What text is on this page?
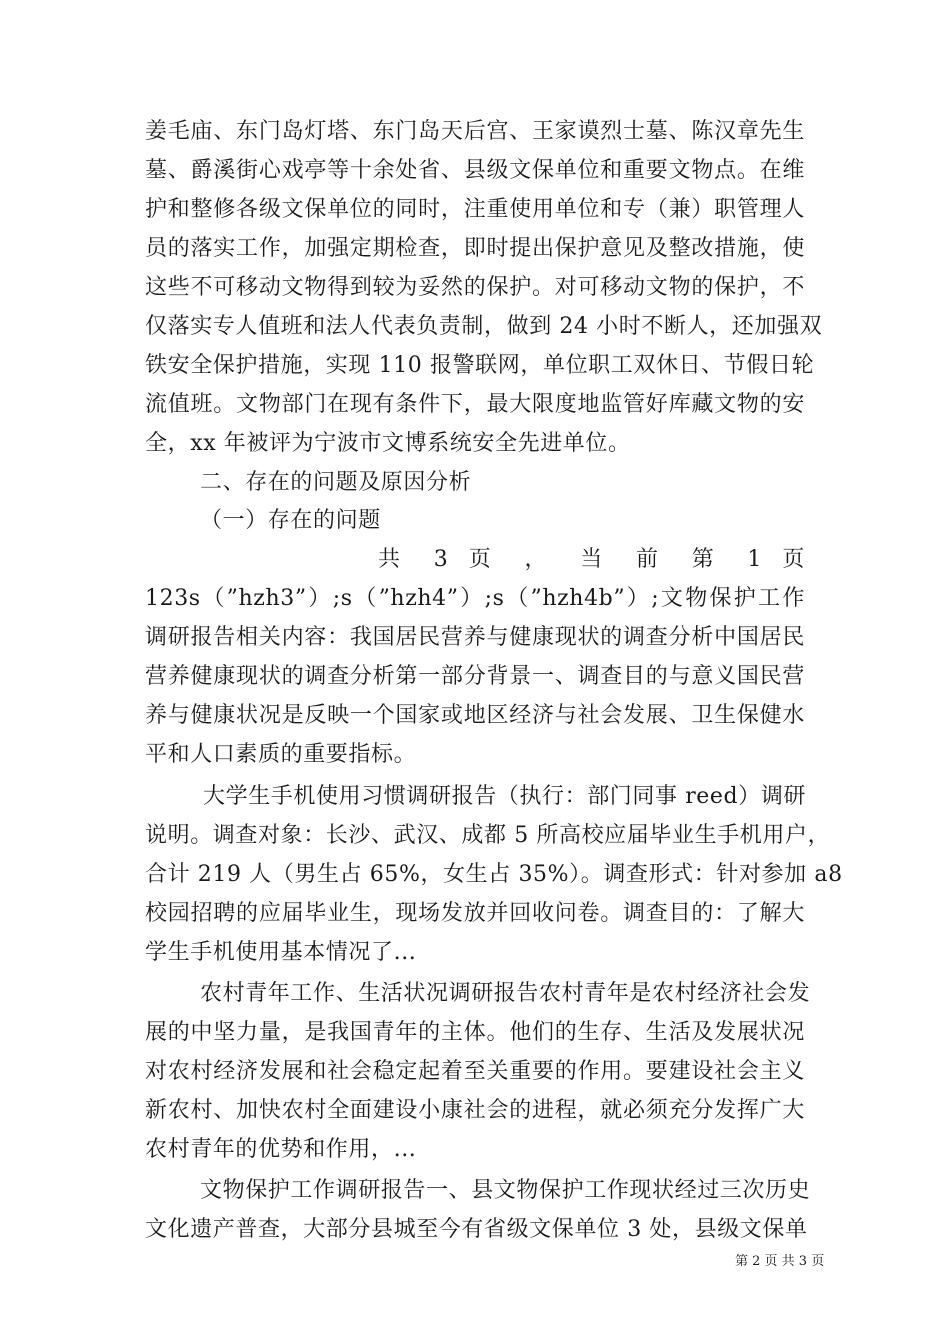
姜毛庙、东门岛灯塔、东门岛天后宫、王家谟烈士墓、陈汉章先生
墓、爵溪街心戏亭等十余处省、县级文保单位和重要文物点。在维
护和整修各级文保单位的同时，注重使用单位和专（兼）职管理人
员的落实工作，加强定期检查，即时提出保护意见及整改措施，使
这些不可移动文物得到较为妥然的保护。对可移动文物的保护，不
仅落实专人值班和法人代表负责制，做到 24 小时不断人，还加强双
铁安全保护措施，实现 110 报警联网，单位职工双休日、节假日轮
流值班。文物部门在现有条件下，最大限度地监管好库藏文物的安
全，xx 年被评为宁波市文博系统安全先进单位。
二、存在的问题及原因分析
（一）存在的问题
共 3 页 ， 当 前 第 1 页
123s（”hzh3”）;s（”hzh4”）;s（”hzh4b”）;文物保护工作
调研报告相关内容：我国居民营养与健康现状的调查分析中国居民
营养健康现状的调查分析第一部分背景一、调查目的与意义国民营
养与健康状况是反映一个国家或地区经济与社会发展、卫生保健水
平和人口素质的重要指标。
大学生手机使用习惯调研报告（执行：部门同事 reed）调研
说明。调查对象：长沙、武汉、成都 5 所高校应届毕业生手机用户，
合计 219 人（男生占 65%，女生占 35%）。调查形式：针对参加 a8
校园招聘的应届毕业生，现场发放并回收问卷。调查目的：了解大
学生手机使用基本情况了...
农村青年工作、生活状况调研报告农村青年是农村经济社会发
展的中坚力量，是我国青年的主体。他们的生存、生活及发展状况
对农村经济发展和社会稳定起着至关重要的作用。要建设社会主义
新农村、加快农村全面建设小康社会的进程，就必须充分发挥广大
农村青年的优势和作用，...
文物保护工作调研报告一、县文物保护工作现状经过三次历史
文化遗产普查，大部分县城至今有省级文保单位 3 处，县级文保单
第 2 页 共 3 页
